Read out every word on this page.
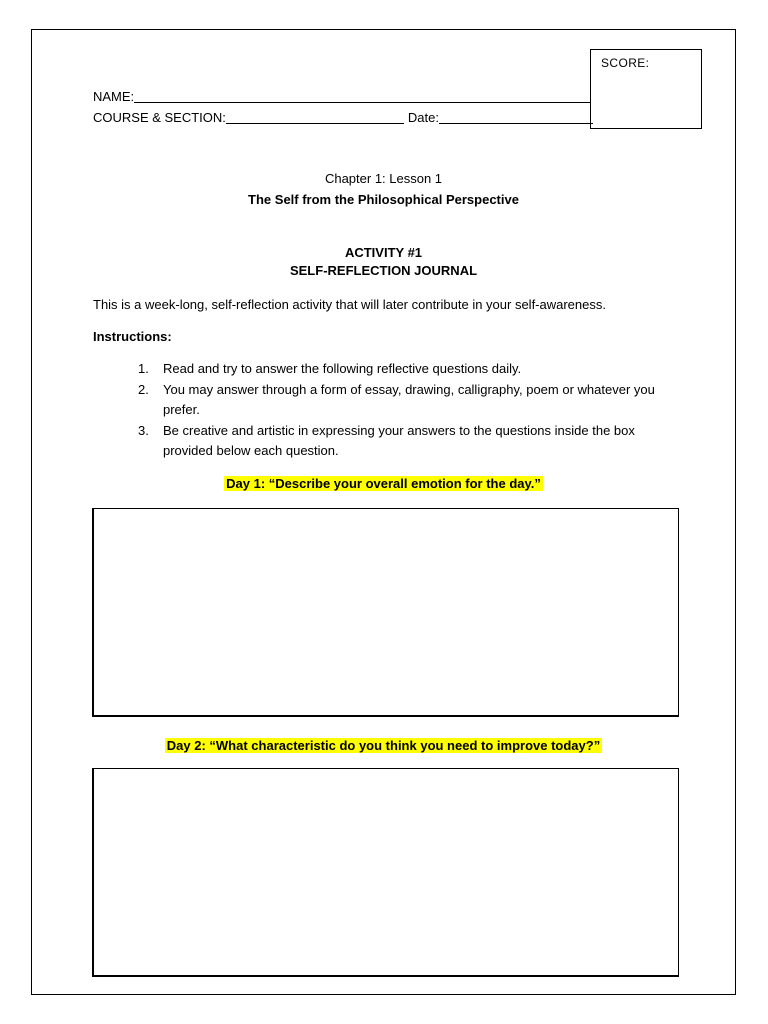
SCORE:
NAME:
COURSE & SECTION:	Date:
Chapter 1: Lesson 1
The Self from the Philosophical Perspective
ACTIVITY #1
SELF-REFLECTION JOURNAL
This is a week-long, self-reflection activity that will later contribute in your self-awareness.
Instructions:
1. Read and try to answer the following reflective questions daily.
2. You may answer through a form of essay, drawing, calligraphy, poem or whatever you prefer.
3. Be creative and artistic in expressing your answers to the questions inside the box provided below each question.
Day 1: “Describe your overall emotion for the day.”
Day 2: “What characteristic do you think you need to improve today?”
